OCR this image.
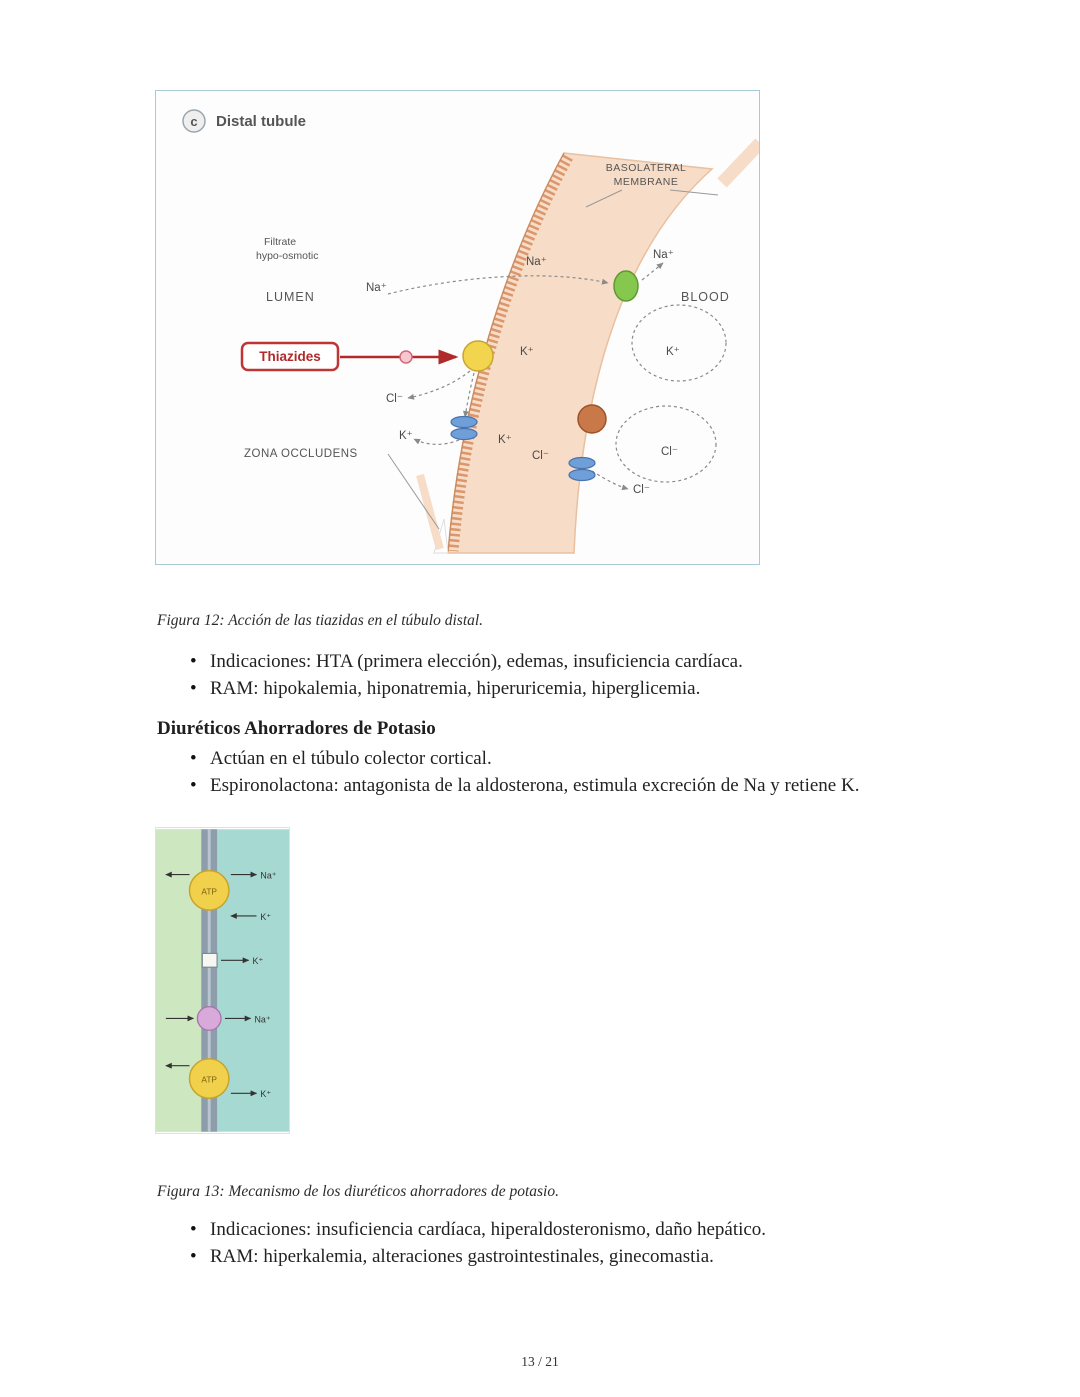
c Distal tubule
BASOLATERAL
MEMBRANE
Filtrate
hypo-osmotic
LUMEN	BLOOD
Thiazides
Na⁺
Na⁺
Na⁺
K⁺	K⁺
Cl⁻
K⁺	K⁺
Cl⁻	Cl⁻
Cl⁻
ZONA OCCLUDENS

Figura 12: Acción de las tiazidas en el túbulo distal.

• Indicaciones: HTA (primera elección), edemas, insuficiencia cardíaca.
• RAM: hipokalemia, hiponatremia, hiperuricemia, hiperglicemia.
Diuréticos Ahorradores de Potasio
• Actúan en el túbulo colector cortical.
• Espironolactona: antagonista de la aldosterona, estimula excreción de Na y retiene K.
ATP
Na⁺
K⁺
K⁺
Na⁺
ATP
K⁺

Figura 13: Mecanismo de los diuréticos ahorradores de potasio.

• Indicaciones: insuficiencia cardíaca, hiperaldosteronismo, daño hepático.
• RAM: hiperkalemia, alteraciones gastrointestinales, ginecomastia.
13 / 21
